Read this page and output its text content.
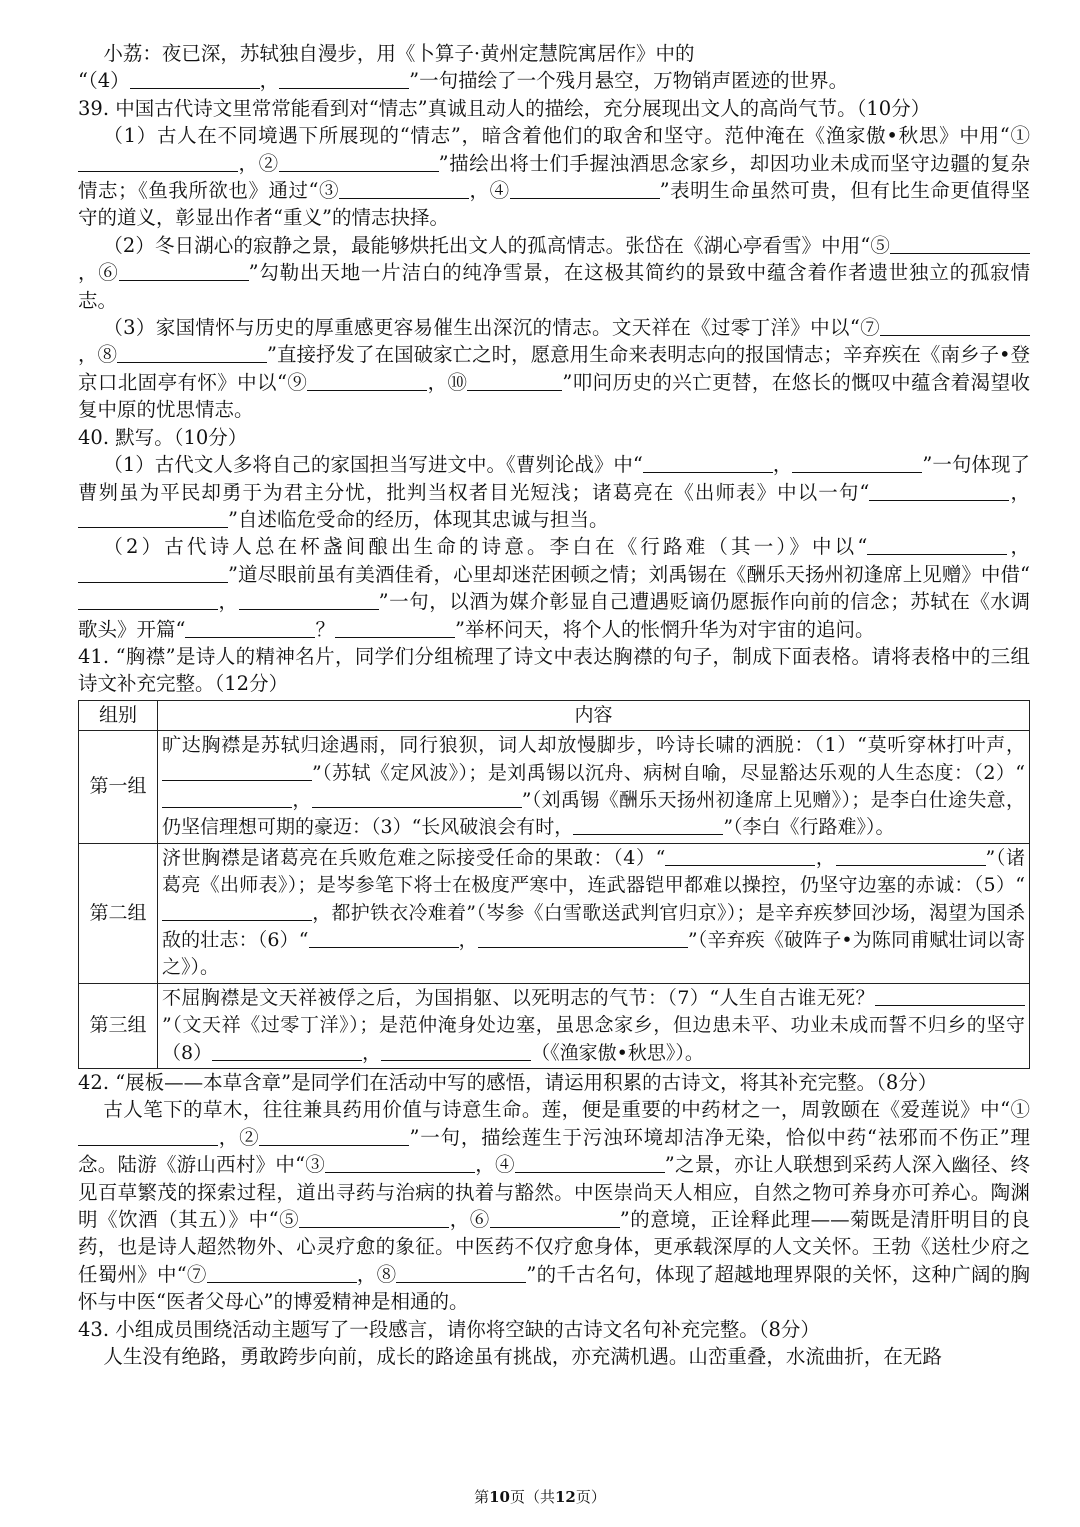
小荔：夜已深，苏轼独自漫步，用《卜算子·黄州定慧院寓居作》中的
“（4）	，	”一句描绘了一个残月悬空，万物销声匿迹的世界。

39. 中国古代诗文里常常能看到对“情志”真诚且动人的描绘，充分展现出文人的高尚气节。（10分）

（1）古人在不同境遇下所展现的“情志”，暗含着他们的取舍和坚守。范仲淹在《渔家傲•秋思》中用“①，②	”描绘出将士们手握浊酒思念家乡，却因功业未成而坚守边疆的复杂情志；《鱼我所欲也》通过“③	，④	”表明生命虽然可贵，但有比生命更值得坚守的道义，彰显出作者“重义”的情志抉择。

（2）冬日湖心的寂静之景，最能够烘托出文人的孤高情志。张岱在《湖心亭看雪》中用“⑤，⑥	”勾勒出天地一片洁白的纯净雪景，在这极其简约的景致中蕴含着作者遗世独立的孤寂情志。

（3）家国情怀与历史的厚重感更容易催生出深沉的情志。文天祥在《过零丁洋》中以“⑦，⑧	”直接抒发了在国破家亡之时，愿意用生命来表明志向的报国情志；辛弃疾在《南乡子•登京口北固亭有怀》中以“⑨	，⑩	”叩问历史的兴亡更替，在悠长的慨叹中蕴含着渴望收复中原的忧思情志。

40. 默写。（10分）

（1）古代文人多将自己的家国担当写进文中。《曹刿论战》中“	，	”一句体现了曹刿虽为平民却勇于为君主分忧，批判当权者目光短浅；诸葛亮在《出师表》中以一句“	，”自述临危受命的经历，体现其忠诚与担当。

（2）古代诗人总在杯盏间酿出生命的诗意。李白在《行路难（其一）》中以“	，”道尽眼前虽有美酒佳肴，心里却迷茫困顿之情；刘禹锡在《酬乐天扬州初逢席上见赠》中借“，	”一句，以酒为媒介彰显自己遭遇贬谪仍愿振作向前的信念；苏轼在《水调歌头》开篇“	？	”举杯问天，将个人的怅惘升华为对宇宙的追问。

41. “胸襟”是诗人的精神名片，同学们分组梳理了诗文中表达胸襟的句子，制成下面表格。请将表格中的三组诗文补充完整。（12分）

组别	内容
第一组	旷达胸襟是苏轼归途遇雨，同行狼狈，词人却放慢脚步，吟诗长啸的洒脱：（1）“莫听穿林打叶声，”（苏轼《定风波》）；是刘禹锡以沉舟、病树自喻，尽显豁达乐观的人生态度：（2）“， ”（刘禹锡《酬乐天扬州初逢席上见赠》）；是李白仕途失意，仍坚信理想可期的豪迈：（3）“长风破浪会有时， ”（李白《行路难》）。
第二组	济世胸襟是诸葛亮在兵败危难之际接受任命的果敢：（4）“ ， ”（诸葛亮《出师表》）；是岑参笔下将士在极度严寒中，连武器铠甲都难以操控，仍坚守边塞的赤诚：（5）“，都护铁衣冷难着”（岑参《白雪歌送武判官归京》）；是辛弃疾梦回沙场，渴望为国杀敌的壮志：（6）“ ， ”（辛弃疾《破阵子•为陈同甫赋壮词以寄之》）。
第三组	不屈胸襟是文天祥被俘之后，为国捐躯、以死明志的气节：（7）“人生自古谁无死？”（文天祥《过零丁洋》）；是范仲淹身处边塞，虽思念家乡，但边患未平、功业未成而誓不归乡的坚守（8） ， （《渔家傲•秋思》）。

42. “展板——本草含章”是同学们在活动中写的感悟，请运用积累的古诗文，将其补充完整。（8分）

古人笔下的草木，往往兼具药用价值与诗意生命。莲，便是重要的中药材之一，周敦颐在《爱莲说》中“①，②	”一句，描绘莲生于污浊环境却洁净无染，恰似中药“祛邪而不伤正”理念。陆游《游山西村》中“③	，④	”之景，亦让人联想到采药人深入幽径、终见百草繁茂的探索过程，道出寻药与治病的执着与豁然。中医崇尚天人相应，自然之物可养身亦可养心。陶渊明《饮酒（其五）》中“⑤	，⑥	”的意境，正诠释此理——菊既是清肝明目的良药，也是诗人超然物外、心灵疗愈的象征。中医药不仅疗愈身体，更承载深厚的人文关怀。王勃《送杜少府之任蜀州》中“⑦	，⑧	”的千古名句，体现了超越地理界限的关怀，这种广阔的胸怀与中医“医者父母心”的博爱精神是相通的。

43. 小组成员围绕活动主题写了一段感言，请你将空缺的古诗文名句补充完整。（8分）

人生没有绝路，勇敢跨步向前，成长的路途虽有挑战，亦充满机遇。山峦重叠，水流曲折，在无路

第10页（共12页）
